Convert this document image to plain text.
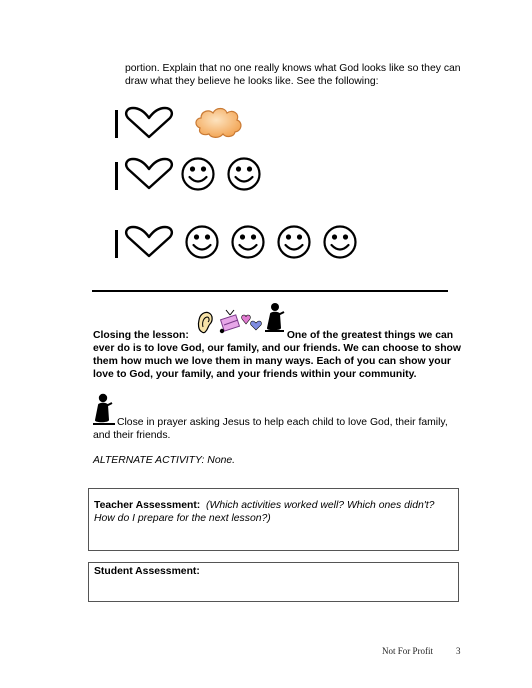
portion. Explain that no one really knows what God looks like so they can
draw what they believe he looks like. See the following:
Closing the lesson:	One of the greatest things we can
ever do is to love God, our family, and our friends. We can choose to show
them how much we love them in many ways. Each of you can show your
love to God, your family, and your friends within your community.
Close in prayer asking Jesus to help each child to love God, their family,
and their friends.
ALTERNATE ACTIVITY: None.
Teacher Assessment: (Which activities worked well? Which ones didn't?
How do I prepare for the next lesson?)
Student Assessment:
Not For Profit	3
